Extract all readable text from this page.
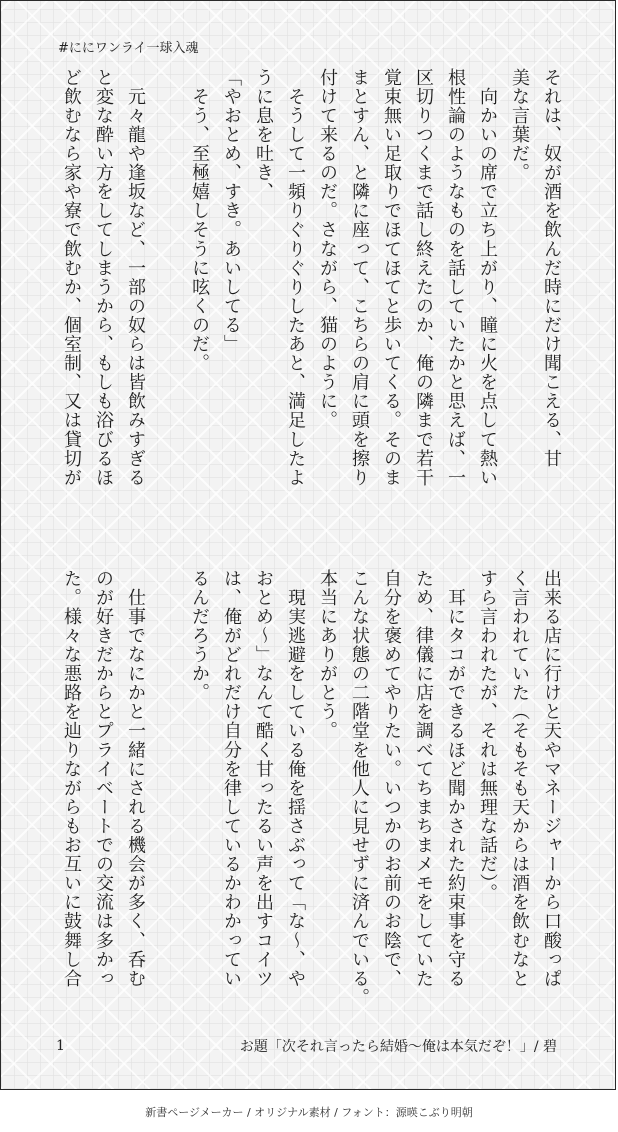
#ににワンライ一球入魂
それは、奴が酒を飲んだ時にだけ聞こえる、甘
美な言葉だ。
　向かいの席で立ち上がり、瞳に火を点して熱い
根性論のようなものを話していたかと思えば、一
区切りつくまで話し終えたのか、俺の隣まで若干
覚束無い足取りでほてほてと歩いてくる。そのま
まとすん、と隣に座って、こちらの肩に頭を擦り
付けて来るのだ。さながら、猫のように。
　そうして一頻りぐりぐりしたあと、満足したよ
うに息を吐き、
「やおとめ、すき。あいしてる」
　そう、至極嬉しそうに呟くのだ。

　元々龍や逢坂など、一部の奴らは皆飲みすぎる
と変な酔い方をしてしまうから、もしも浴びるほ
ど飲むなら家や寮で飲むか、個室制、又は貸切が
出来る店に行けと天やマネージャーから口酸っぱ
く言われていた（そもそも天からは酒を飲むなと
すら言われたが、それは無理な話だ）。
　耳にタコができるほど聞かされた約束事を守る
ため、律儀に店を調べてちまちまメモをしていた
自分を褒めてやりたい。いつかのお前のお陰で、
こんな状態の二階堂を他人に見せずに済んでいる。
本当にありがとう。
　現実逃避をしている俺を揺さぶって「な〜、や
おとめ〜」なんて酷く甘ったるい声を出すコイツ
は、俺がどれだけ自分を律しているかわかってい
るんだろうか。

　仕事でなにかと一緒にされる機会が多く、呑む
のが好きだからとプライベートでの交流は多かっ
た。様々な悪路を辿りながらもお互いに鼓舞し合
1	お題「次それ言ったら結婚〜俺は本気だぞ！」/ 碧
新書ページメーカー / オリジナル素材 / フォント：源暎こぶり明朝
